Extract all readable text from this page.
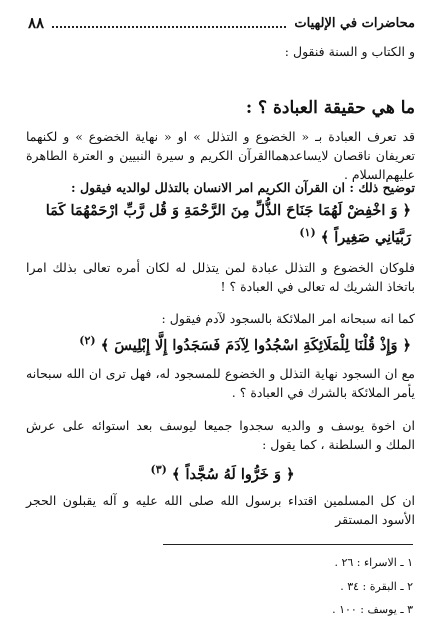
محاضرات في الإلهيات
٨٨
و الكتاب و السنة فنقول :
ما هي حقيقة العبادة ؟ :
قد تعرف العبادة بـ « الخضوع و التذلل » او « نهاية الخضوع » و لكنهما تعريفان ناقصان لايساعدهماالقرآن الكريم و سيرة النبيين و العترة الطاهرة عليهم‌السلام .
توضيح ذلك : ان القرآن الكريم امر الانسان بالتذلل لوالديه فيقول :
﴿ وَ اخْفِضْ لَهُمَا جَنَاحَ الذُّلِّ مِنَ الرَّحْمَةِ وَ قُل رَّبِّ ارْحَمْهُمَا كَمَا رَبَّيَانِي صَغِيراً ﴾ $^{(١)}$
فلوكان الخضوع و التذلل عبادة لمن يتذلل له لكان أمره تعالى بذلك امرا باتخاذ الشريك له تعالى في العبادة ؟ !
كما انه سبحانه امر الملائكة بالسجود لآدم فيقول :
﴿ وَإِذْ قُلْنَا لِلْمَلَائِكَةِ اسْجُدُوا لِآدَمَ فَسَجَدُوا إِلَّا إِبْلِيسَ ﴾ $^{(٢)}$
مع ان السجود نهاية التذلل و الخضوع للمسجود له، فهل ترى ان الله سبحانه يأمر الملائكة بالشرك في العبادة ؟ .
ان اخوة يوسف و والديه سجدوا جميعا ليوسف بعد استوائه على عرش الملك و السلطنة ، كما يقول :
﴿ وَ خَرُّوا لَهُ سُجَّداً ﴾ $^{(٣)}$
ان كل المسلمين اقتداء برسول الله صلى الله عليه و آله يقبلون الحجر الأسود المستقر
١ ـ الاسراء : ٢٦ .
٢ ـ البقرة : ٣٤ .
٣ ـ يوسف : ١٠٠ .
